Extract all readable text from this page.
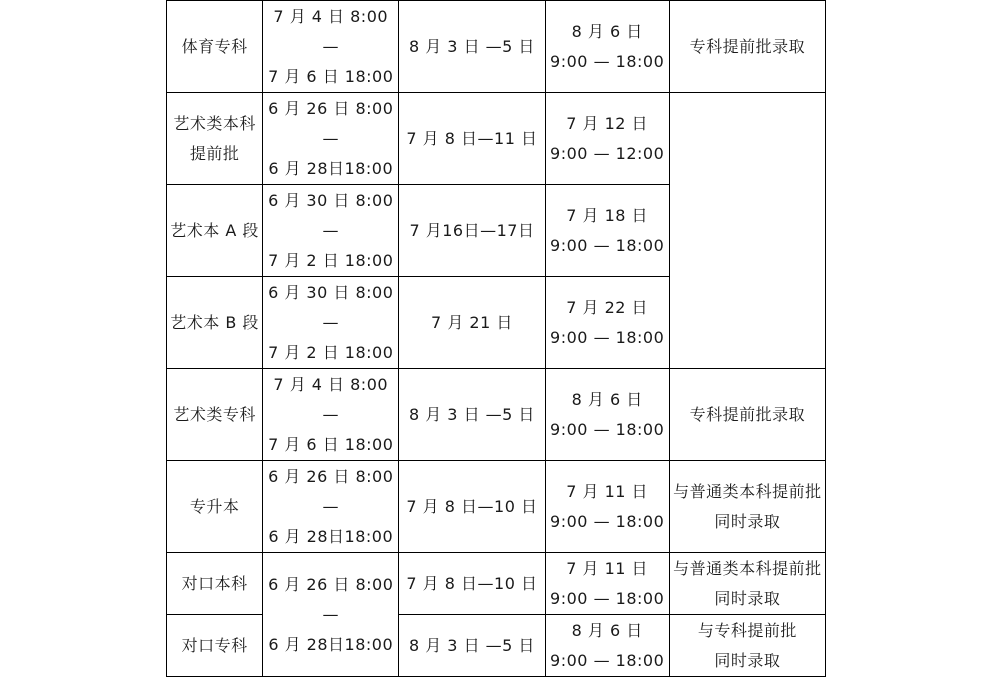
体育专科	7 月 4 日 8:00
—
7 月 6 日 18:00	8 月 3 日 —5 日	8 月 6 日
9:00 — 18:00	专科提前批录取

艺术类本科
提前批	6 月 26 日 8:00
—
6 月 28日18:00	7 月 8 日—11 日	7 月 12 日
9:00 — 12:00	

艺术本 A 段	6 月 30 日 8:00
—
7 月 2 日 18:00	7 月16日—17日	7 月 18 日
9:00 — 18:00	

艺术本 B 段	6 月 30 日 8:00
—
7 月 2 日 18:00	7 月 21 日	7 月 22 日
9:00 — 18:00	

艺术类专科	7 月 4 日 8:00
—
7 月 6 日 18:00	8 月 3 日 —5 日	8 月 6 日
9:00 — 18:00	专科提前批录取

专升本	6 月 26 日 8:00
—
6 月 28日18:00	7 月 8 日—10 日	7 月 11 日
9:00 — 18:00	与普通类本科提前批
同时录取

对口本科	6 月 26 日 8:00
—
6 月 28日18:00	7 月 8 日—10 日	7 月 11 日
9:00 — 18:00	与普通类本科提前批
同时录取

对口专科		8 月 3 日 —5 日	8 月 6 日
9:00 — 18:00	与专科提前批
同时录取
